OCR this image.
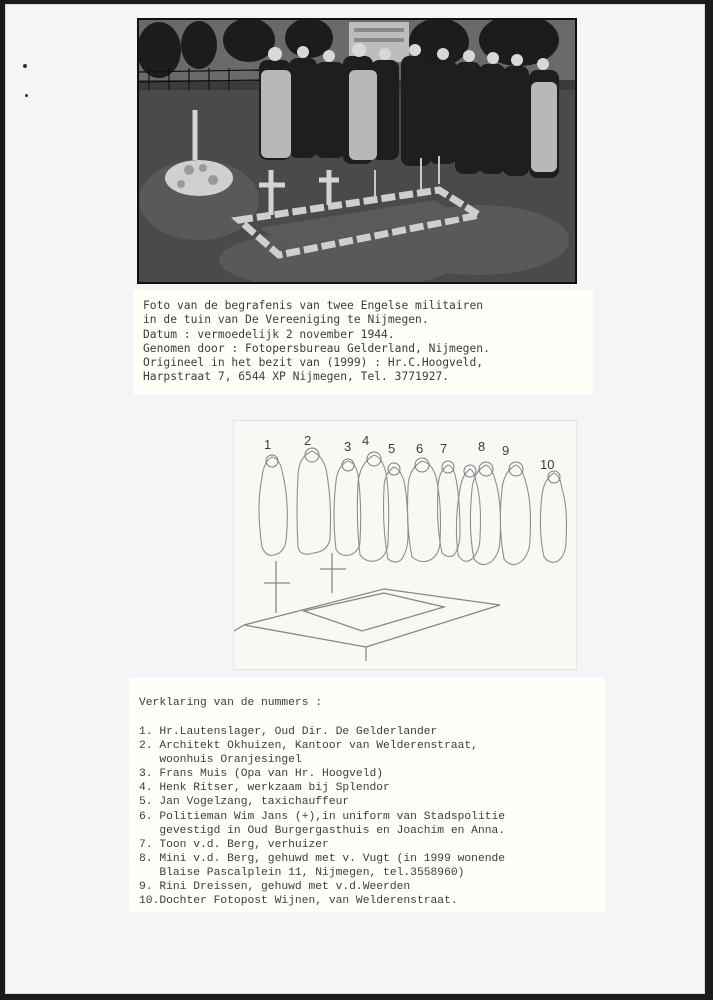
Foto van de begrafenis van twee Engelse militairen
in de tuin van De Vereeniging te Nijmegen.
Datum : vermoedelijk 2 november 1944.
Genomen door : Fotopersbureau Gelderland, Nijmegen.
Origineel in het bezit van (1999) : Hr.C.Hoogveld,
Harpstraat 7, 6544 XP Nijmegen, Tel. 3771927.
1	2	3 4
5 6 7 8 9
10
Verklaring van de nummers :
1. Hr.Lautenslager, Oud Dir. De Gelderlander
2. Architekt Okhuizen, Kantoor van Welderenstraat,
woonhuis Oranjesingel
3. Frans Muis (Opa van Hr. Hoogveld)
4. Henk Ritser, werkzaam bij Splendor
5. Jan Vogelzang, taxichauffeur
6. Politieman Wim Jans (+),in uniform van Stadspolitie
gevestigd in Oud Burgergasthuis en Joachim en Anna.
7. Toon v.d. Berg, verhuizer
8. Mini v.d. Berg, gehuwd met v. Vugt (in 1999 wonende
Blaise Pascalplein 11, Nijmegen, tel.3558960)
9. Rini Dreissen, gehuwd met v.d.Weerden
10.Dochter Fotopost Wijnen, van Welderenstraat.
